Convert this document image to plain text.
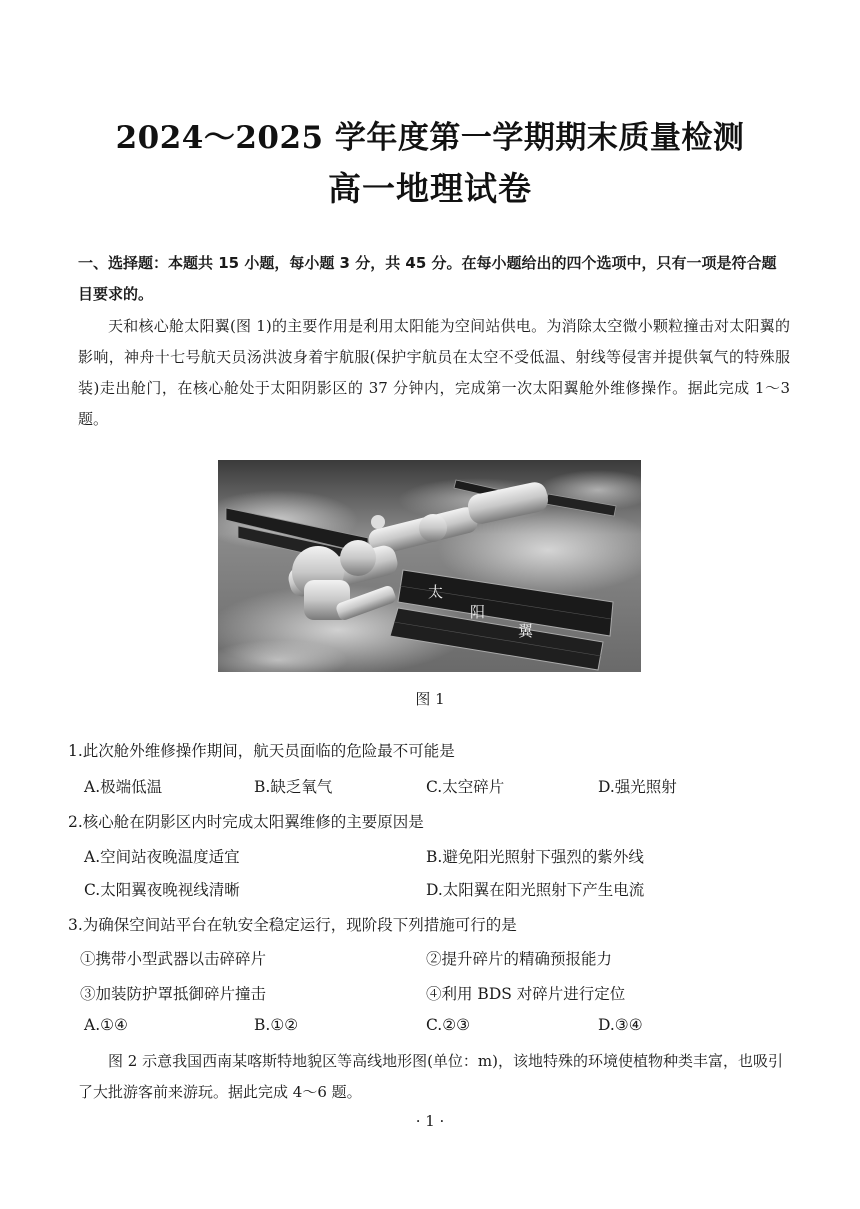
2024～2025 学年度第一学期期末质量检测
高一地理试卷
一、选择题：本题共 15 小题，每小题 3 分，共 45 分。在每小题给出的四个选项中，只有一项是符合题目要求的。
天和核心舱太阳翼(图 1)的主要作用是利用太阳能为空间站供电。为消除太空微小颗粒撞击对太阳翼的影响，神舟十七号航天员汤洪波身着宇航服(保护宇航员在太空不受低温、射线等侵害并提供氧气的特殊服装)走出舱门，在核心舱处于太阳阴影区的 37 分钟内，完成第一次太阳翼舱外维修操作。据此完成 1～3 题。
太
阳
翼
图 1
1.此次舱外维修操作期间，航天员面临的危险最不可能是
A.极端低温	B.缺乏氧气	C.太空碎片	D.强光照射
2.核心舱在阴影区内时完成太阳翼维修的主要原因是
A.空间站夜晚温度适宜	B.避免阳光照射下强烈的紫外线
C.太阳翼夜晚视线清晰	D.太阳翼在阳光照射下产生电流
3.为确保空间站平台在轨安全稳定运行，现阶段下列措施可行的是
①携带小型武器以击碎碎片	②提升碎片的精确预报能力
③加装防护罩抵御碎片撞击	④利用 BDS 对碎片进行定位
A.①④	B.①②	C.②③	D.③④
图 2 示意我国西南某喀斯特地貌区等高线地形图(单位：m)，该地特殊的环境使植物种类丰富，也吸引了大批游客前来游玩。据此完成 4～6 题。
· 1 ·
